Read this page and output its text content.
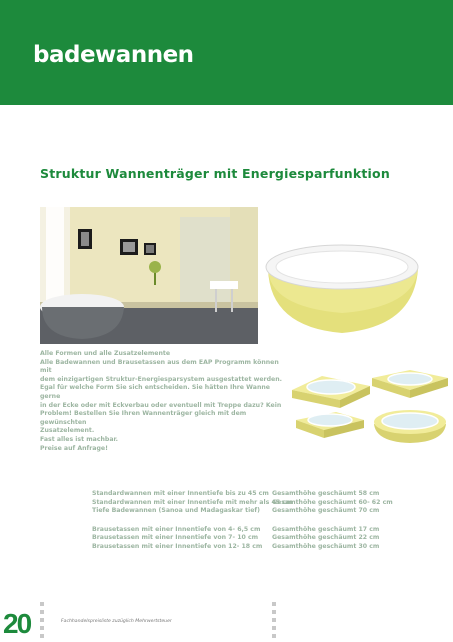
badewannen
Struktur Wannenträger mit Energiesparfunktion

Alle Formen und alle Zusatzelemente

Alle Badewannen und Brausetassen aus dem EAP Programm können mit

dem einzigartigen Struktur-Energiesparsystem ausgestattet werden.

Egal für welche Form Sie sich entscheiden. Sie hätten Ihre Wanne gerne

in der Ecke oder mit Eckverbau oder eventuell mit Treppe dazu? Kein

Problem! Bestellen Sie Ihren Wannenträger gleich mit dem gewünschten

Zusatzelement.

Fast alles ist machbar.

Preise auf Anfrage!

Standardwannen mit einer Innentiefe bis zu 45 cm
Standardwannen mit einer Innentiefe mit mehr als 45 cm
Tiefe Badewannen (Sanoa und Madagaskar tief)
Brausetassen mit einer Innentiefe von 4- 6,5 cm
Brausetassen mit einer Innentiefe von 7- 10 cm
Brausetassen mit einer Innentiefe von 12- 18 cm
Gesamthöhe geschäumt 58 cm
Gesamthöhe geschäumt 60- 62 cm
Gesamthöhe geschäumt 70 cm
Gesamthöhe geschäumt 17 cm
Gesamthöhe geschäumt 22 cm
Gesamthöhe geschäumt 30 cm
20	Fachhandelspreisliste zuzüglich Mehrwertsteuer
